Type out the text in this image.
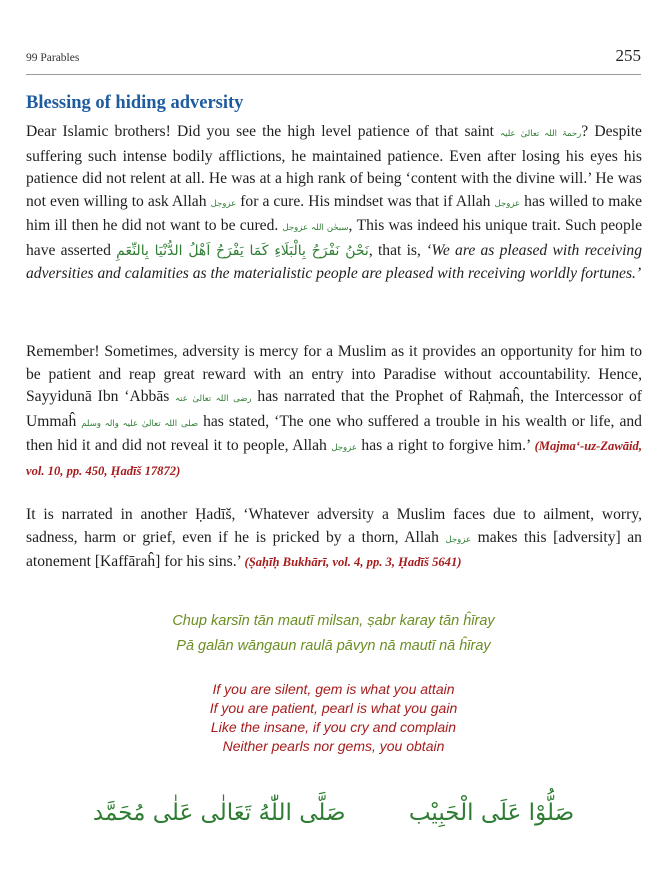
99 Parables	255
Blessing of hiding adversity

Dear Islamic brothers! Did you see the high level patience of that saint رحمۃ اللہ تعالیٰ علیہ? Despite suffering such intense bodily afflictions, he maintained patience. Even after losing his eyes his patience did not relent at all. He was at a high rank of being ‘content with the divine will.’ He was not even willing to ask Allah عزوجل for a cure. His mindset was that if Allah عزوجل has willed to make him ill then he did not want to be cured. سبحٰن اللہ عزوجل, This was indeed his unique trait. Such people have asserted نَحْنُ نَفْرَحُ بِالْبَلَاءِ كَمَا يَفْرَحُ اَهْلُ الدُّنْيَا بِالنِّعَمِ, that is, ‘We are as pleased with receiving adversities and calamities as the materialistic people are pleased with receiving worldly fortunes.’

Remember! Sometimes, adversity is mercy for a Muslim as it provides an opportunity for him to be patient and reap great reward with an entry into Paradise without accountability. Hence, Sayyidunā Ibn ‘Abbās رضی اللہ تعالیٰ عنہ has narrated that the Prophet of Raḥmaĥ, the Intercessor of Ummaĥ صلی اللہ تعالیٰ علیہ والہ وسلم has stated, ‘The one who suffered a trouble in his wealth or life, and then hid it and did not reveal it to people, Allah عزوجل has a right to forgive him.’ (Majma‘-uz-Zawāid, vol. 10, pp. 450, Ḥadīš 17872)

It is narrated in another Ḥadīš, ‘Whatever adversity a Muslim faces due to ailment, worry, sadness, harm or grief, even if he is pricked by a thorn, Allah عزوجل makes this [adversity] an atonement [Kaffāraĥ] for his sins.’ (Ṣaḥīḥ Bukhārī, vol. 4, pp. 3, Ḥadīš 5641)

Chup karsīn tān mautī milsan, ṣabr karay tān ĥīray

Pā galān wāngaun raulā pāvyn nā mautī nā ĥīray

If you are silent, gem is what you attain

If you are patient, pearl is what you gain

Like the insane, if you cry and complain

Neither pearls nor gems, you obtain

صَلُّوْا عَلَى الْحَبِيْب صَلَّى اللّٰهُ تَعَالٰى عَلٰى مُحَمَّد
